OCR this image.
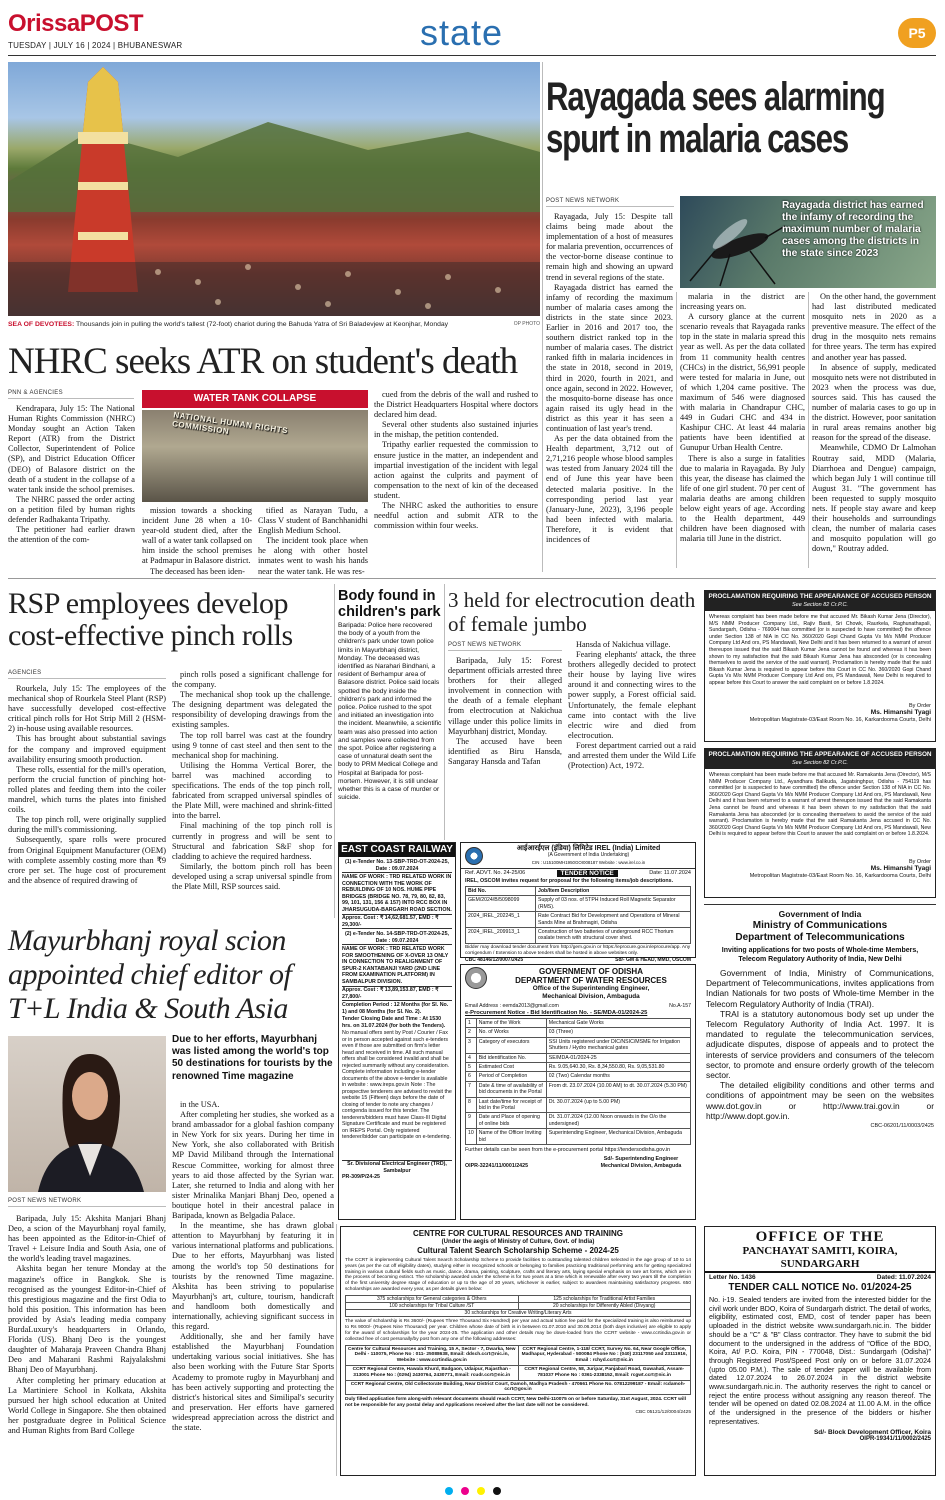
OrissaPOST
TUESDAY | JULY 16 | 2024 | BHUBANESWAR	state	P5
SEA OF DEVOTEES: Thousands join in pulling the world's tallest (72-foot) chariot during the Bahuda Yatra of Sri Baladevjew at Keonjhar, Monday	OP PHOTO
Rayagada sees alarming spurt in malaria cases
POST NEWS NETWORK	Rayagada district has earned the infamy of recording the maximum number of malaria cases among the districts in the state since 2023

Rayagada, July 15: Despite tall claims being made about the implementation of a host of measures for malaria prevention, occurrences of the vector-borne disease continue to remain high and showing an upward trend in several regions of the state.

Rayagada district has earned the infamy of recording the maximum number of malaria cases among the districts in the state since 2023. Earlier in 2016 and 2017 too, the southern district ranked top in the number of malaria cases. The district ranked fifth in malaria incidences in the state in 2018, second in 2019, third in 2020, fourth in 2021, and once again, second in 2022. However, the mosquito-borne disease has once again raised its ugly head in the district as this year it has seen a continuation of last year's trend.

As per the data obtained from the Health department, 3,712 out of 2,71,216 people whose blood samples was tested from January 2024 till the end of June this year have been detected malaria positive. In the corresponding period last year (January-June, 2023), 3,196 people had been infected with malaria. Therefore, it is evident that incidences of

malaria in the district are increasing years on.

A cursory glance at the current scenario reveals that Rayagada ranks top in the state in malaria spread this year as well. As per the data collated from 11 community health centres (CHCs) in the district, 56,991 people were tested for malaria in June, out of which 1,204 came positive. The maximum of 546 were diagnosed with malaria in Chandrapur CHC, 449 in Gudari CHC and 434 in Kashipur CHC. At least 44 malaria patients have been identified at Gunupur Urban Health Centre.

There is also a surge in fatalities due to malaria in Rayagada. By July this year, the disease has claimed the life of one girl student. 70 per cent of malaria deaths are among children below eight years of age. According to the Health department, 449 children have been diagnosed with malaria till June in the district.

On the other hand, the government had last distributed medicated mosquito nets in 2020 as a preventive measure. The effect of the drug in the mosquito nets remains for three years. The term has expired and another year has passed.

In absence of supply, medicated mosquito nets were not distributed in 2023 when the process was due, sources said. This has caused the number of malaria cases to go up in the district. However, poor sanitation in rural areas remains another big reason for the spread of the disease.

Meanwhile, CDMO Dr Lalmohan Routray said, MDD (Malaria, Diarrhoea and Dengue) campaign, which began July 1 will continue till August 31. "The government has been requested to supply mosquito nets. If people stay aware and keep their households and surroundings clean, the number of malaria cases and mosquito population will go down," Routray added.

NHRC seeks ATR on student's death
PNN & AGENCIES	WATER TANK COLLAPSE
NATIONAL HUMAN RIGHTS COMMISSION

Kendrapara, July 15: The National Human Rights Commission (NHRC) Monday sought an Action Taken Report (ATR) from the District Collector, Superintendent of Police (SP), and District Education Officer (DEO) of Balasore district on the death of a student in the collapse of a water tank inside the school premises.

The NHRC passed the order acting on a petition filed by human rights defender Radhakanta Tripathy.

The petitioner had earlier drawn the attention of the com-

mission towards a shocking incident June 28 when a 10-year-old student died, after the wall of a water tank collapsed on him inside the school premises at Padmapur in Balasore district.

The deceased has been iden-

tified as Narayan Tudu, a Class V student of Banchhanidhi English Medium School.

The incident took place when he along with other hostel inmates went to wash his hands near the water tank. He was res-

cued from the debris of the wall and rushed to the District Headquarters Hospital where doctors declared him dead.

Several other students also sustained injuries in the mishap, the petition contended.

Tripathy earlier requested the commission to ensure justice in the matter, an independent and impartial investigation of the incident with legal action against the culprits and payment of compensation to the next of kin of the deceased student.

The NHRC asked the authorities to ensure needful action and submit ATR to the commission within four weeks.

RSP employees develop cost-effective pinch rolls
AGENCIES

Rourkela, July 15: The employees of the mechanical shop of Rourkela Steel Plant (RSP) have successfully developed cost-effective critical pinch rolls for Hot Strip Mill 2 (HSM-2) in-house using available resources.

This has brought about substantial savings for the company and improved equipment availability ensuring smooth production.

These rolls, essential for the mill's operation, perform the crucial function of pinching hot-rolled plates and feeding them into the coiler mandrel, which turns the plates into finished coils.

The top pinch roll, were originally supplied during the mill's commissioning.

Subsequently, spare rolls were procured from Original Equipment Manufacturer (OEM) with complete assembly costing more than ₹9 crore per set. The huge cost of procurement and the absence of required drawing of

pinch rolls posed a significant challenge for the company.

The mechanical shop took up the challenge. The designing department was delegated the responsibility of developing drawings from the existing samples.

The top roll barrel was cast at the foundry using 9 tonne of cast steel and then sent to the mechanical shop for machining.

Utilising the Homma Vertical Borer, the barrel was machined according to specifications. The ends of the top pinch roll, fabricated from scrapped universal spindles of the Plate Mill, were machined and shrink-fitted into the barrel.

Final machining of the top pinch roll is currently in progress and will be sent to Structural and fabrication S&F shop for cladding to achieve the required hardness.

Similarly, the bottom pinch roll has been developed using a scrap universal spindle from the Plate Mill, RSP sources said.

Body found in children's park
Baripada: Police here recovered the body of a youth from the children's park under town police limits in Mayurbhanj district, Monday. The deceased was identified as Narahari Bindhani, a resident of Berhampur area of Balasore district. Police said locals spotted the body inside the children's park and informed the police. Police rushed to the spot and initiated an investigation into the incident. Meanwhile, a scientific team was also pressed into action and samples were collected from the spot. Police after registering a case of unnatural death sent the body to PRM Medical College and Hospital at Baripada for post-mortem. However, it is still unclear whether this is a case of murder or suicide.
3 held for electrocution death of female jumbo
POST NEWS NETWORK

Baripada, July 15: Forest department officials arrested three brothers for their alleged involvement in connection with the death of a female elephant from electrocution at Nakichua village under this police limits in Mayurbhanj district, Monday.

The accused have been identified as Biru Hansda, Sangaray Hansda and Tafan

Hansda of Nakichua village.

Fearing elephants' attack, the three brothers allegedly decided to protect their house by laying live wires around it and connecting wires to the power supply, a Forest official said. Unfortunately, the female elephant came into contact with the live electric wire and died from electrocution.

Forest department carried out a raid and arrested them under the Wild Life (Protection) Act, 1972.

PROCLAMATION REQUIRING THE APPEARANCE OF ACCUSED PERSON
See Section 82 Cr.P.C.
Whereas complaint has been made before me that accused Mr. Bikash Kumar Jena (Director), M/S NMM Producer Company Ltd., Rajiv Basti, Sri Chowk, Raurkela, Raghunathapali, Sundargarh, Odisha - 769004 has committed (or is suspected to have committed) the offence under Section 138 of NIA in CC No. 360/2020 Gopi Chand Gupta Vs M/s NMM Producer Company Ltd And ors, PS Mandawali, New Delhi and it has been returned to a warrant of arrest thereupon issued that the said Bikash Kumar Jena cannot be found and whereas it has been shown to my satisfaction that the said Bikash Kumar Jena has absconded (or is concealing themselves to avoid the service of the said warrant). Proclamation is hereby made that the said Bikash Kumar Jena is required to appear before this Court in CC No. 360/2020 Gopi Chand Gupta Vs M/s NMM Producer Company Ltd And ors, PS Mandawali, New Delhi is required to appear before this Court to answer the said complaint on or before 1.8.2024.
By Order
Ms. Himanshi Tyagi
Metropolitan Magistrate-03/East Room No. 16, Karkardooma Courts, Delhi
PROCLAMATION REQUIRING THE APPEARANCE OF ACCUSED PERSON
See Section 82 Cr.P.C.
Whereas complaint has been made before me that accused Mr. Ramakanta Jena (Director), M/S NMM Producer Company Ltd., Ayandhara Balikuda, Jagatsinghpur, Odisha - 754119 has committed (or is suspected to have committed) the offence under Section 138 of NIA in CC No. 360/2020 Gopi Chand Gupta Vs M/s NMM Producer Company Ltd And ors, PS Mandawali, New Delhi and it has been returned to a warrant of arrest thereupon issued that the said Ramakanta Jena cannot be found and whereas it has been shown to my satisfaction that the said Ramakanta Jena has absconded (or is concealing themselves to avoid the service of the said warrant). Proclamation is hereby made that the said Ramakanta Jena accused in CC No. 360/2020 Gopi Chand Gupta Vs M/s NMM Producer Company Ltd And ors, PS Mandawali, New Delhi is required to appear before this Court to answer the said complaint on or before 1.8.2024.
By Order
Ms. Himanshi Tyagi
Metropolitan Magistrate-03/East Room No. 16, Karkardooma Courts, Delhi
EAST COAST RAILWAY
(1) e-Tender No. 13-SBP-TRD-OT-2024-25, Date : 09.07.2024
NAME OF WORK : TRD RELATED WORK IN CONNECTION WITH THE WORK OF REBUILDING OF 10 NOS. HUME PIPE BRIDGES (BRIDGE NO. 78, 79, 80, 82, 83, 99, 101, 131, 156 & 157) INTO RCC BOX IN JHARSUGUDA-BARGARH ROAD SECTION.
Approx. Cost : ₹ 14,62,681.57, EMD : ₹ 29,300/-
(2) e-Tender No. 14-SBP-TRD-OT-2024-25, Date : 09.07.2024
NAME OF WORK : TRD RELATED WORK FOR SMOOTHENING OF X-OVER 13 ONLY IN CONNECTION TO REALIGNMENT OF SPUR-2 KANTABANJI YARD (2ND LINE FROM EXAMINATION PLATFORM) IN SAMBALPUR DIVISION.
Approx. Cost : ₹ 13,89,153.87, EMD : ₹ 27,800/-
Completion Period : 12 Months (for Sl. No. 1) and 08 Months (for Sl. No. 2).
Tender Closing Date and Time : At 1530 hrs. on 31.07.2024 (for both the Tenders).
No manual offers sent by Post / Courier / Fax or in person accepted against such e-tenders even if those are submitted on firm's letter head and received in time. All such manual offers shall be considered invalid and shall be rejected summarily without any consideration. Complete information including e-tender documents of the above e-tender is available in website : www.ireps.gov.in Note : The prospective tenderers are advised to revisit the website 15 (Fifteen) days before the date of closing of tender to note any changes / corrigenda issued for this tender. The tenderers/bidders must have Class-III Digital Signature Certificate and must be registered on IREPS Portal. Only registered tenderer/bidder can participate on e-tendering.
Sr. Divisional Electrical Engineer (TRD), Sambalpur
PR-309/P/24-25
आईआरईएल (इंडिया) लिमिटेड IREL (India) Limited
(A Government of India Undertaking)
CIN : U15100MH1950GOI008187 Website : www.irel.co.in
Ref. ADVT. No. 24-25/06	TENDER NOTICE	Date: 11.07.2024
IREL, OSCOM invites request for proposal for the following items/job descriptions.
Bid No.	Job/Item Description
GEM/2024/B/5098099	Supply of 03 nos. of 5TPH Induced Roll Magnetic Separator (RMS).
2024_IREL_202245_1	Rate Contract Bid for Development and Operations of Mineral Sands Mine at Brahmagiri, Odisha
2024_IREL_209913_1	Construction of two batteries of underground RCC Thorium oxalate trench with structural cover shed.
Bidder may download tender document from http://gem.gov.in or https://eprocure.gov.in/eprocure/app. Any corrigendum / Extension to above tenders shall be hosted in above websites only.
CBC 48146/12/0007/2425	Sd/- GM & HEAD, MMD, OSCOM
GOVERNMENT OF ODISHA
DEPARTMENT OF WATER RESOURCES
Office of the Superintending Engineer,
Mechanical Division, Ambaguda
Email Address : eemda2013@gmail.com	No.A-157
e-Procurement Notice - Bid Identification No. - SE/MDA-01/2024-25
1	Name of the Work	Mechanical Gate Works
2	No. of Works	03 (Three)
3	Category of executors	SSI Units registered under DIC/NSIC/MSME for Irrigation Shutters / Hydro mechanical gates
4	Bid identification No.	SE/MDA-01/2024-25
5	Estimated Cost	Rs. 9.05,640.30, Rs. 8,34,550.80, Rs. 9,05,531.80
6	Period of Completion	02 (Two) Calendar months
7	Date & time of availability of bid documents in the Portal	From dt. 23.07.2024 (10.00 AM) to dt. 30.07.2024 (5.30 PM)
8	Last date/time for receipt of bid in the Portal	Dt. 30.07.2024 (up to 5.00 PM)
9	Date and Place of opening of online bids	Dt. 31.07.2024 (12.00 Noon onwards in the O/o the undersigned)
10	Name of the Officer Inviting bid	Superintending Engineer, Mechanical Division, Ambaguda
Further details can be seen from the e-procurement portal https://tendersodisha.gov.in
OIPR-32241/11/0001/2425
Sd/- Superintending Engineer Mechanical Division, Ambaguda
Government of India
Ministry of Communications
Department of Telecommunications
Inviting applications for two posts of Whole-time Members, Telecom Regulatory Authority of India, New Delhi

Government of India, Ministry of Communications, Department of Telecommunications, invites applications from Indian Nationals for two posts of Whole-time Member in the Telecom Regulatory Authority of India (TRAI).

TRAI is a statutory autonomous body set up under the Telecom Regulatory Authority of India Act. 1997. It is mandated to regulate the telecommunication services, adjudicate disputes, dispose of appeals and to protect the interests of service providers and consumers of the telecom sector, to promote and ensure orderly growth of the telecom sector.

The detailed eligibility conditions and other terms and conditions of appointment may be seen on the websites www.dot.gov.in or http://www.trai.gov.in or http://www.dopt.gov.in.

CBC-06201/11/0003/2425
Mayurbhanj royal scion appointed chief editor of T+L India & South Asia
Due to her efforts, Mayurbhanj was listed among the world's top 50 destinations for tourists by the renowned Time magazine
POST NEWS NETWORK

Baripada, July 15: Akshita Manjari Bhanj Deo, a scion of the Mayurbhanj royal family, has been appointed as the Editor-in-Chief of Travel + Leisure India and South Asia, one of the world's leading travel magazines.

Akshita began her tenure Monday at the magazine's office in Bangkok. She is recognised as the youngest Editor-in-Chief of this prestigious magazine and the first Odia to hold this position. This information has been provided by Asia's leading media company BurdaLuxury's headquarters in Orlando, Florida (US). Bhanj Deo is the youngest daughter of Maharaja Praveen Chandra Bhanj Deo and Maharani Rashmi Rajyalakshmi Bhanj Deo of Mayurbhanj.

After completing her primary education at La Martiniere School in Kolkata, Akshita pursued her high school education at United World College in Singapore. She then obtained her postgraduate degree in Political Science and Human Rights from Bard College

in the USA.

After completing her studies, she worked as a brand ambassador for a global fashion company in New York for six years. During her time in New York, she also collaborated with British MP David Miliband through the International Rescue Committee, working for almost three years to aid those affected by the Syrian war. Later, she returned to India and along with her sister Mrinalika Manjari Bhanj Deo, opened a boutique hotel in their ancestral palace in Baripada, known as Belgadia Palace.

In the meantime, she has drawn global attention to Mayurbhanj by featuring it in various international platforms and publications. Due to her efforts, Mayurbhanj was listed among the world's top 50 destinations for tourists by the renowned Time magazine. Akshita has been striving to popularise Mayurbhanj's art, culture, tourism, handicraft and handloom both domestically and internationally, achieving significant success in this regard.

Additionally, she and her family have established the Mayurbhanj Foundation undertaking various social initiatives. She has also been working with the Future Star Sports Academy to promote rugby in Mayurbhanj and has been actively supporting and protecting the district's historical sites and Similipal's security and preservation. Her efforts have garnered widespread appreciation across the district and the state.

CENTRE FOR CULTURAL RESOURCES AND TRAINING
(Under the aegis of Ministry of Culture, Govt. of India)
Cultural Talent Search Scholarship Scheme - 2024-25
The CCRT is implementing Cultural Talent Search Scholarship Scheme to provide facilities to outstanding talented children selected in the age group of 10 to 14 years (as per the cut off eligibility dates), studying either in recognized schools or belonging to families practicing traditional performing arts for getting specialized training in various cultural fields such as music, dance, drama, painting, sculpture, crafts and literary arts, laying special emphasis on rare art forms, which are in the process of becoming extinct. The scholarship awarded under the scheme is for two years at a time which is renewable after every two years till the completion of the first university degree stage of education or up to the age of 20 years, whichever is earlier, subject to awardees maintaining satisfactory progress. 650 scholarships are awarded every year, as per details given below:
375 scholarships for General categories & Others	125 scholarships for Traditional Artist Families
100 scholarships for Tribal Culture /ST	20 scholarships for Differently Abled (Divyang)
30 scholarships for Creative Writing/Literary Arts
The value of scholarship is Rs 3600/- (Rupees Three Thousand Six Hundred) per year and actual tuition fee paid for the specialized training is also reimbursed up to Rs 9000/- (Rupees Nine Thousand) per year. Children whose date of birth is in between 01.07.2010 and 30.06.2014 (both days inclusive) are eligible to apply for the award of scholarships for the year 2024-25. The application and other details may be down-loaded from the CCRT website - www.ccrtindia.gov.in or collected free of cost personally/by post from any one of the following addresses:
Centre for Cultural Resources and Training, 15 A, Sector - 7, Dwarka, New Delhi - 110075, Phone No : 011- 25088638, Email: ddsch.ccrt@nic.in, Website : www.ccrtindia.gov.in
CCRT Regional Centre, 1-118/ CCRT, Survey No. 64, Near Google Office, Madhapur, Hyderabad - 500084 Phone No : (040) 23117050 and 23111916, Email : rchyd.ccrt@nic.in
CCRT Regional Centre, Hawala Khurd, Badgaon, Udaipur, Rajasthan - 313001 Phone No : (0294) 2430764, 2430771, Email: rcudr.ccrt@nic.in
CCRT Regional Centre, 58, Juripar, Panjabari Road, Guwahati, Assam-781037 Phone No : 0361-2338152, Email: rcgwt.ccrt@nic.in
CCRT Regional Centre, Old Collectorate Building, Near District Court, Damoh, Madhya Pradesh - 470661 Phone No. 07812299187 - Email: rcdamoh-ccrt@gov.in
Duly filled application form along-with relevant documents should reach CCRT, New Delhi-110075 on or before Saturday, 31st August, 2024. CCRT will not be responsible for any postal delay and Applications received after the last date will not be considered.
CBC 05121/12/0004/2425
OFFICE OF THE
PANCHAYAT SAMITI, KOIRA, SUNDARGARH
Letter No. 1436	Dated: 11.07.2024
TENDER CALL NOTICE No. 01/2024-25
No. i-19. Sealed tenders are invited from the interested bidder for the civil work under BDO, Koira of Sundargarh district. The detail of works, eligibility, estimated cost, EMD, cost of tender paper has been uploaded in the district website www.sundargarh.nic.in. The bidder should be a "C" & "B" Class contractor. They have to submit the bid document to the undersigned in the address of "Office of the BDO, Koira, At/ P.O. Koira, PIN - 770048, Dist.: Sundargarh (Odisha)" through Registered Post/Speed Post only on or before 31.07.2024 (upto 05.00 P.M.). The sale of tender paper will be available from dated 12.07.2024 to 26.07.2024 in the district website www.sundargarh.nic.in. The authority reserves the right to cancel or reject the entire process without assigning any reason thereof. The tender will be opened on dated 02.08.2024 at 11.00 A.M. in the office of the undersigned in the presence of the bidders or his/her representatives.
Sd/- Block Development Officer, Koira
OIPR-19341/11/0002/2425
